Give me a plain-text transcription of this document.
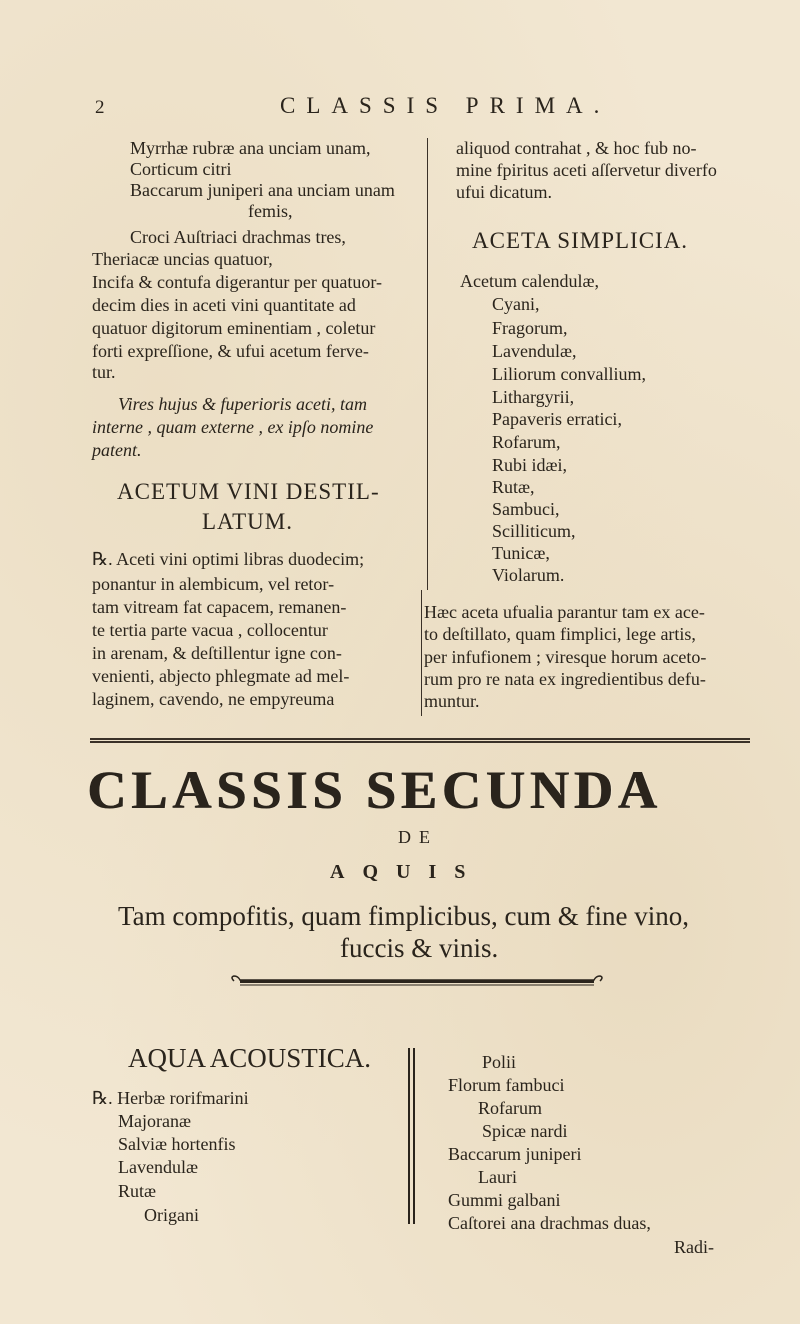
2	CLASSIS PRIMA.
Myrrhæ rubræ ana unciam unam,
Corticum citri
Baccarum juniperi ana unciam unam
femis,
Croci Auſtriaci drachmas tres,
Theriacæ uncias quatuor,
Incifa & contufa digerantur per quatuor-
decim dies in aceti vini quantitate ad
quatuor digitorum eminentiam , coletur
forti expreſſione, & ufui acetum ferve-
tur.
Vires hujus & fuperioris aceti, tam
interne , quam externe , ex ipſo nomine
patent.
ACETUM VINI DESTIL-
LATUM.
℞. Aceti vini optimi libras duodecim;
ponantur in alembicum, vel retor-
tam vitream fat capacem, remanen-
te tertia parte vacua , collocentur
in arenam, & deſtillentur igne con-
venienti, abjecto phlegmate ad mel-
laginem, cavendo, ne empyreuma
aliquod contrahat , & hoc fub no-
mine fpiritus aceti aſſervetur diverfo
ufui dicatum.
ACETA SIMPLICIA.
Acetum calendulæ,
Cyani,
Fragorum,
Lavendulæ,
Liliorum convallium,
Lithargyrii,
Papaveris erratici,
Rofarum,
Rubi idæi,
Rutæ,
Sambuci,
Scilliticum,
Tunicæ,
Violarum.
Hæc aceta ufualia parantur tam ex ace-
to deſtillato, quam fimplici, lege artis,
per infufionem ; viresque horum aceto-
rum pro re nata ex ingredientibus defu-
muntur.
CLASSIS SECUNDA
DE
AQUIS
Tam compofitis, quam fimplicibus, cum & fine vino,
fuccis & vinis.
AQUA ACOUSTICA.
℞. Herbæ rorifmarini
Majoranæ
Salviæ hortenfis
Lavendulæ
Rutæ
Origani
Polii
Florum fambuci
Rofarum
Spicæ nardi
Baccarum juniperi
Lauri
Gummi galbani
Caſtorei ana drachmas duas,
Radi-
